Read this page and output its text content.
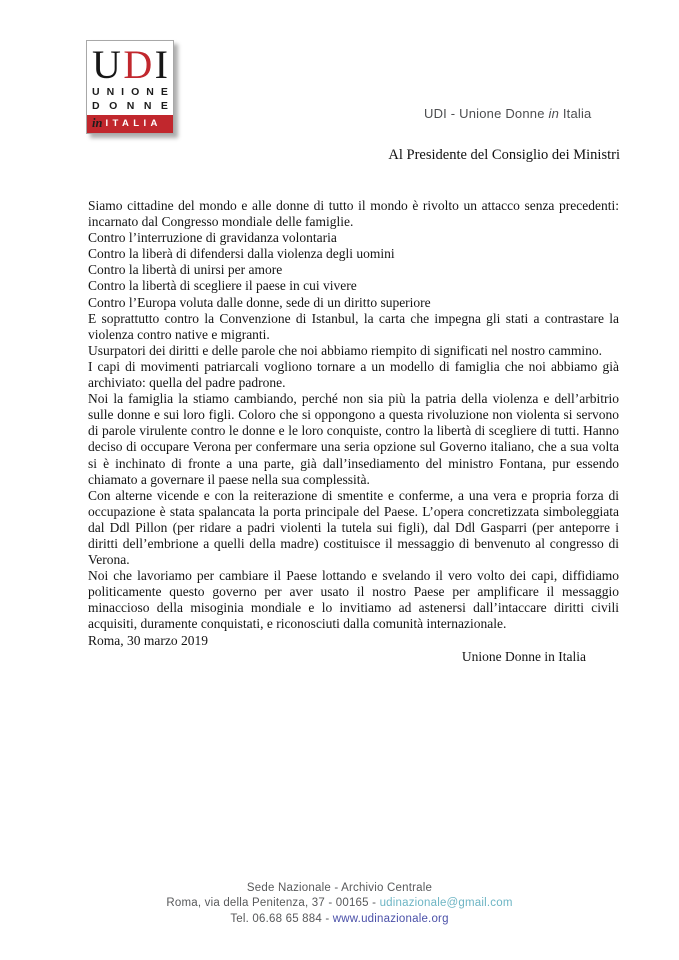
U D I
UNIONE
DONNE
in ITALIA
UDI - Unione Donne in Italia
Al Presidente del Consiglio dei Ministri

Siamo cittadine del mondo e alle donne di tutto il mondo è rivolto un attacco senza precedenti: incarnato dal Congresso mondiale delle famiglie.

Contro l’interruzione di gravidanza volontaria

Contro la liberà di difendersi dalla violenza degli uomini

Contro la libertà di unirsi per amore

Contro la libertà di scegliere il paese in cui vivere

Contro l’Europa voluta dalle donne, sede di un diritto superiore

E soprattutto contro la Convenzione di Istanbul, la carta che impegna gli stati a contrastare la violenza contro native e migranti.

Usurpatori dei diritti e delle parole che noi abbiamo riempito di significati nel nostro cammino.

I capi di movimenti patriarcali vogliono tornare a un modello di famiglia che noi abbiamo già archiviato: quella del padre padrone.

Noi la famiglia la stiamo cambiando, perché non sia più la patria della violenza e dell’arbitrio sulle donne e sui loro figli. Coloro che si oppongono a questa rivoluzione non violenta si servono di parole virulente contro le donne e le loro conquiste, contro la libertà di scegliere di tutti. Hanno deciso di occupare Verona per confermare una seria opzione sul Governo italiano, che a sua volta si è inchinato di fronte a una parte, già dall’insediamento del ministro Fontana, pur essendo chiamato a governare il paese nella sua complessità.

Con alterne vicende e con la reiterazione di smentite e conferme, a una vera e propria forza di occupazione è stata spalancata la porta principale del Paese. L’opera concretizzata simboleggiata dal Ddl Pillon (per ridare a padri violenti la tutela sui figli), dal Ddl Gasparri (per anteporre i diritti dell’embrione a quelli della madre) costituisce il messaggio di benvenuto al congresso di Verona.

Noi che lavoriamo per cambiare il Paese lottando e svelando il vero volto dei capi, diffidiamo politicamente questo governo per aver usato il nostro Paese per amplificare il messaggio minaccioso della misoginia mondiale e lo invitiamo ad astenersi dall’intaccare diritti civili acquisiti, duramente conquistati, e riconosciuti dalla comunità internazionale.

Roma, 30 marzo 2019

Unione Donne in Italia

Sede Nazionale - Archivio Centrale
Roma, via della Penitenza, 37 - 00165 - udinazionale@gmail.com
Tel. 06.68 65 884 - www.udinazionale.org
